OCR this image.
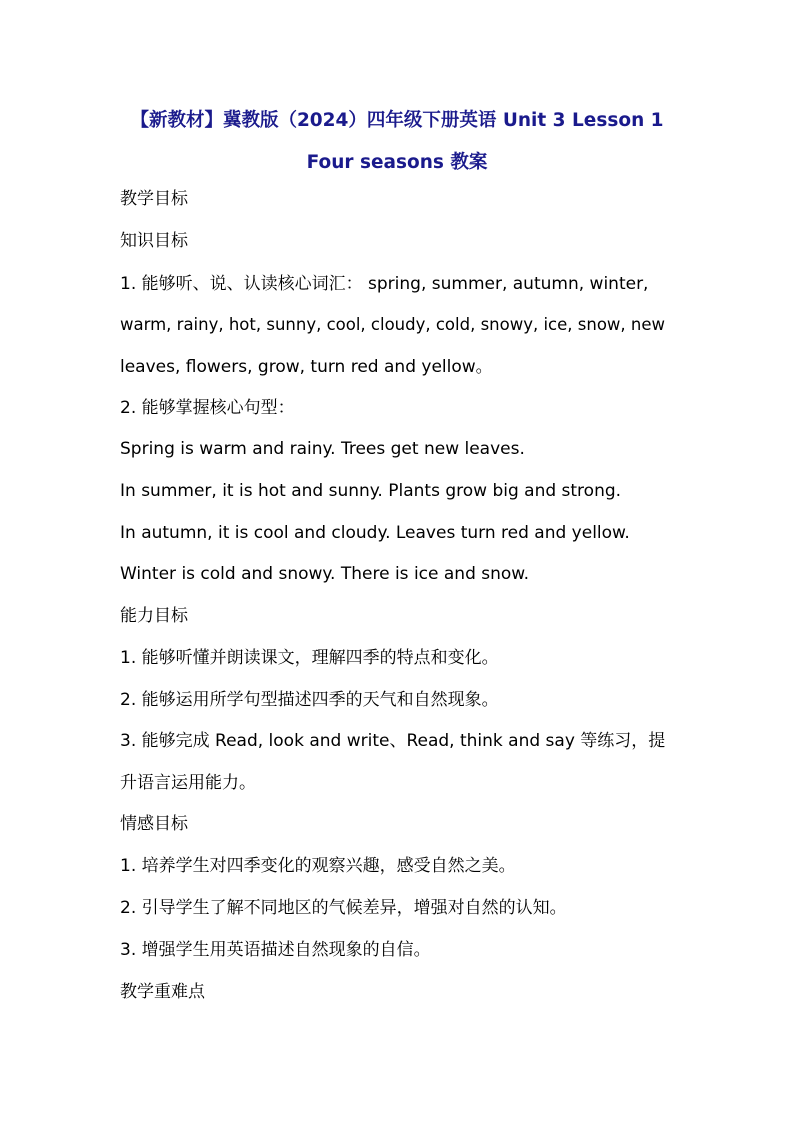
【新教材】冀教版（2024）四年级下册英语 Unit 3 Lesson 1
Four seasons 教案
教学目标
知识目标
1. 能够听、说、认读核心词汇： spring, summer, autumn, winter,
warm, rainy, hot, sunny, cool, cloudy, cold, snowy, ice, snow, new
leaves, flowers, grow, turn red and yellow。
2. 能够掌握核心句型：
Spring is warm and rainy. Trees get new leaves.
In summer, it is hot and sunny. Plants grow big and strong.
In autumn, it is cool and cloudy. Leaves turn red and yellow.
Winter is cold and snowy. There is ice and snow.
能力目标
1. 能够听懂并朗读课文，理解四季的特点和变化。
2. 能够运用所学句型描述四季的天气和自然现象。
3. 能够完成 Read, look and write、Read, think and say 等练习，提
升语言运用能力。
情感目标
1. 培养学生对四季变化的观察兴趣，感受自然之美。
2. 引导学生了解不同地区的气候差异，增强对自然的认知。
3. 增强学生用英语描述自然现象的自信。
教学重难点
